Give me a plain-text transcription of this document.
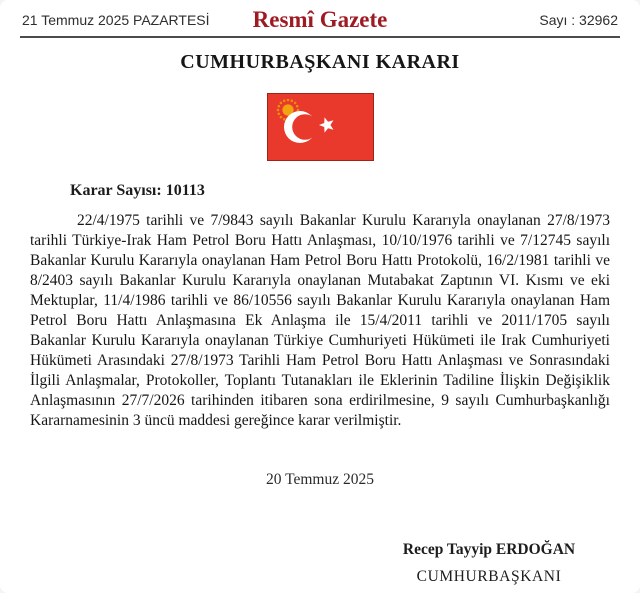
21 Temmuz 2025 PAZARTESİ	Resmî Gazete	Sayı : 32962
CUMHURBAŞKANI KARARI
Karar Sayısı: 10113

22/4/1975 tarihli ve 7/9843 sayılı Bakanlar Kurulu Kararıyla onaylanan 27/8/1973 tarihli Türkiye-Irak Ham Petrol Boru Hattı Anlaşması, 10/10/1976 tarihli ve 7/12745 sayılı Bakanlar Kurulu Kararıyla onaylanan Ham Petrol Boru Hattı Protokolü, 16/2/1981 tarihli ve 8/2403 sayılı Bakanlar Kurulu Kararıyla onaylanan Mutabakat Zaptının VI. Kısmı ve eki Mektuplar, 11/4/1986 tarihli ve 86/10556 sayılı Bakanlar Kurulu Kararıyla onaylanan Ham Petrol Boru Hattı Anlaşmasına Ek Anlaşma ile 15/4/2011 tarihli ve 2011/1705 sayılı Bakanlar Kurulu Kararıyla onaylanan Türkiye Cumhuriyeti Hükümeti ile Irak Cumhuriyeti Hükümeti Arasındaki 27/8/1973 Tarihli Ham Petrol Boru Hattı Anlaşması ve Sonrasındaki İlgili Anlaşmalar, Protokoller, Toplantı Tutanakları ile Eklerinin Tadiline İlişkin Değişiklik Anlaşmasının 27/7/2026 tarihinden itibaren sona erdirilmesine, 9 sayılı Cumhurbaşkanlığı Kararnamesinin 3 üncü maddesi gereğince karar verilmiştir.

20 Temmuz 2025
Recep Tayyip ERDOĞAN
CUMHURBAŞKANI
